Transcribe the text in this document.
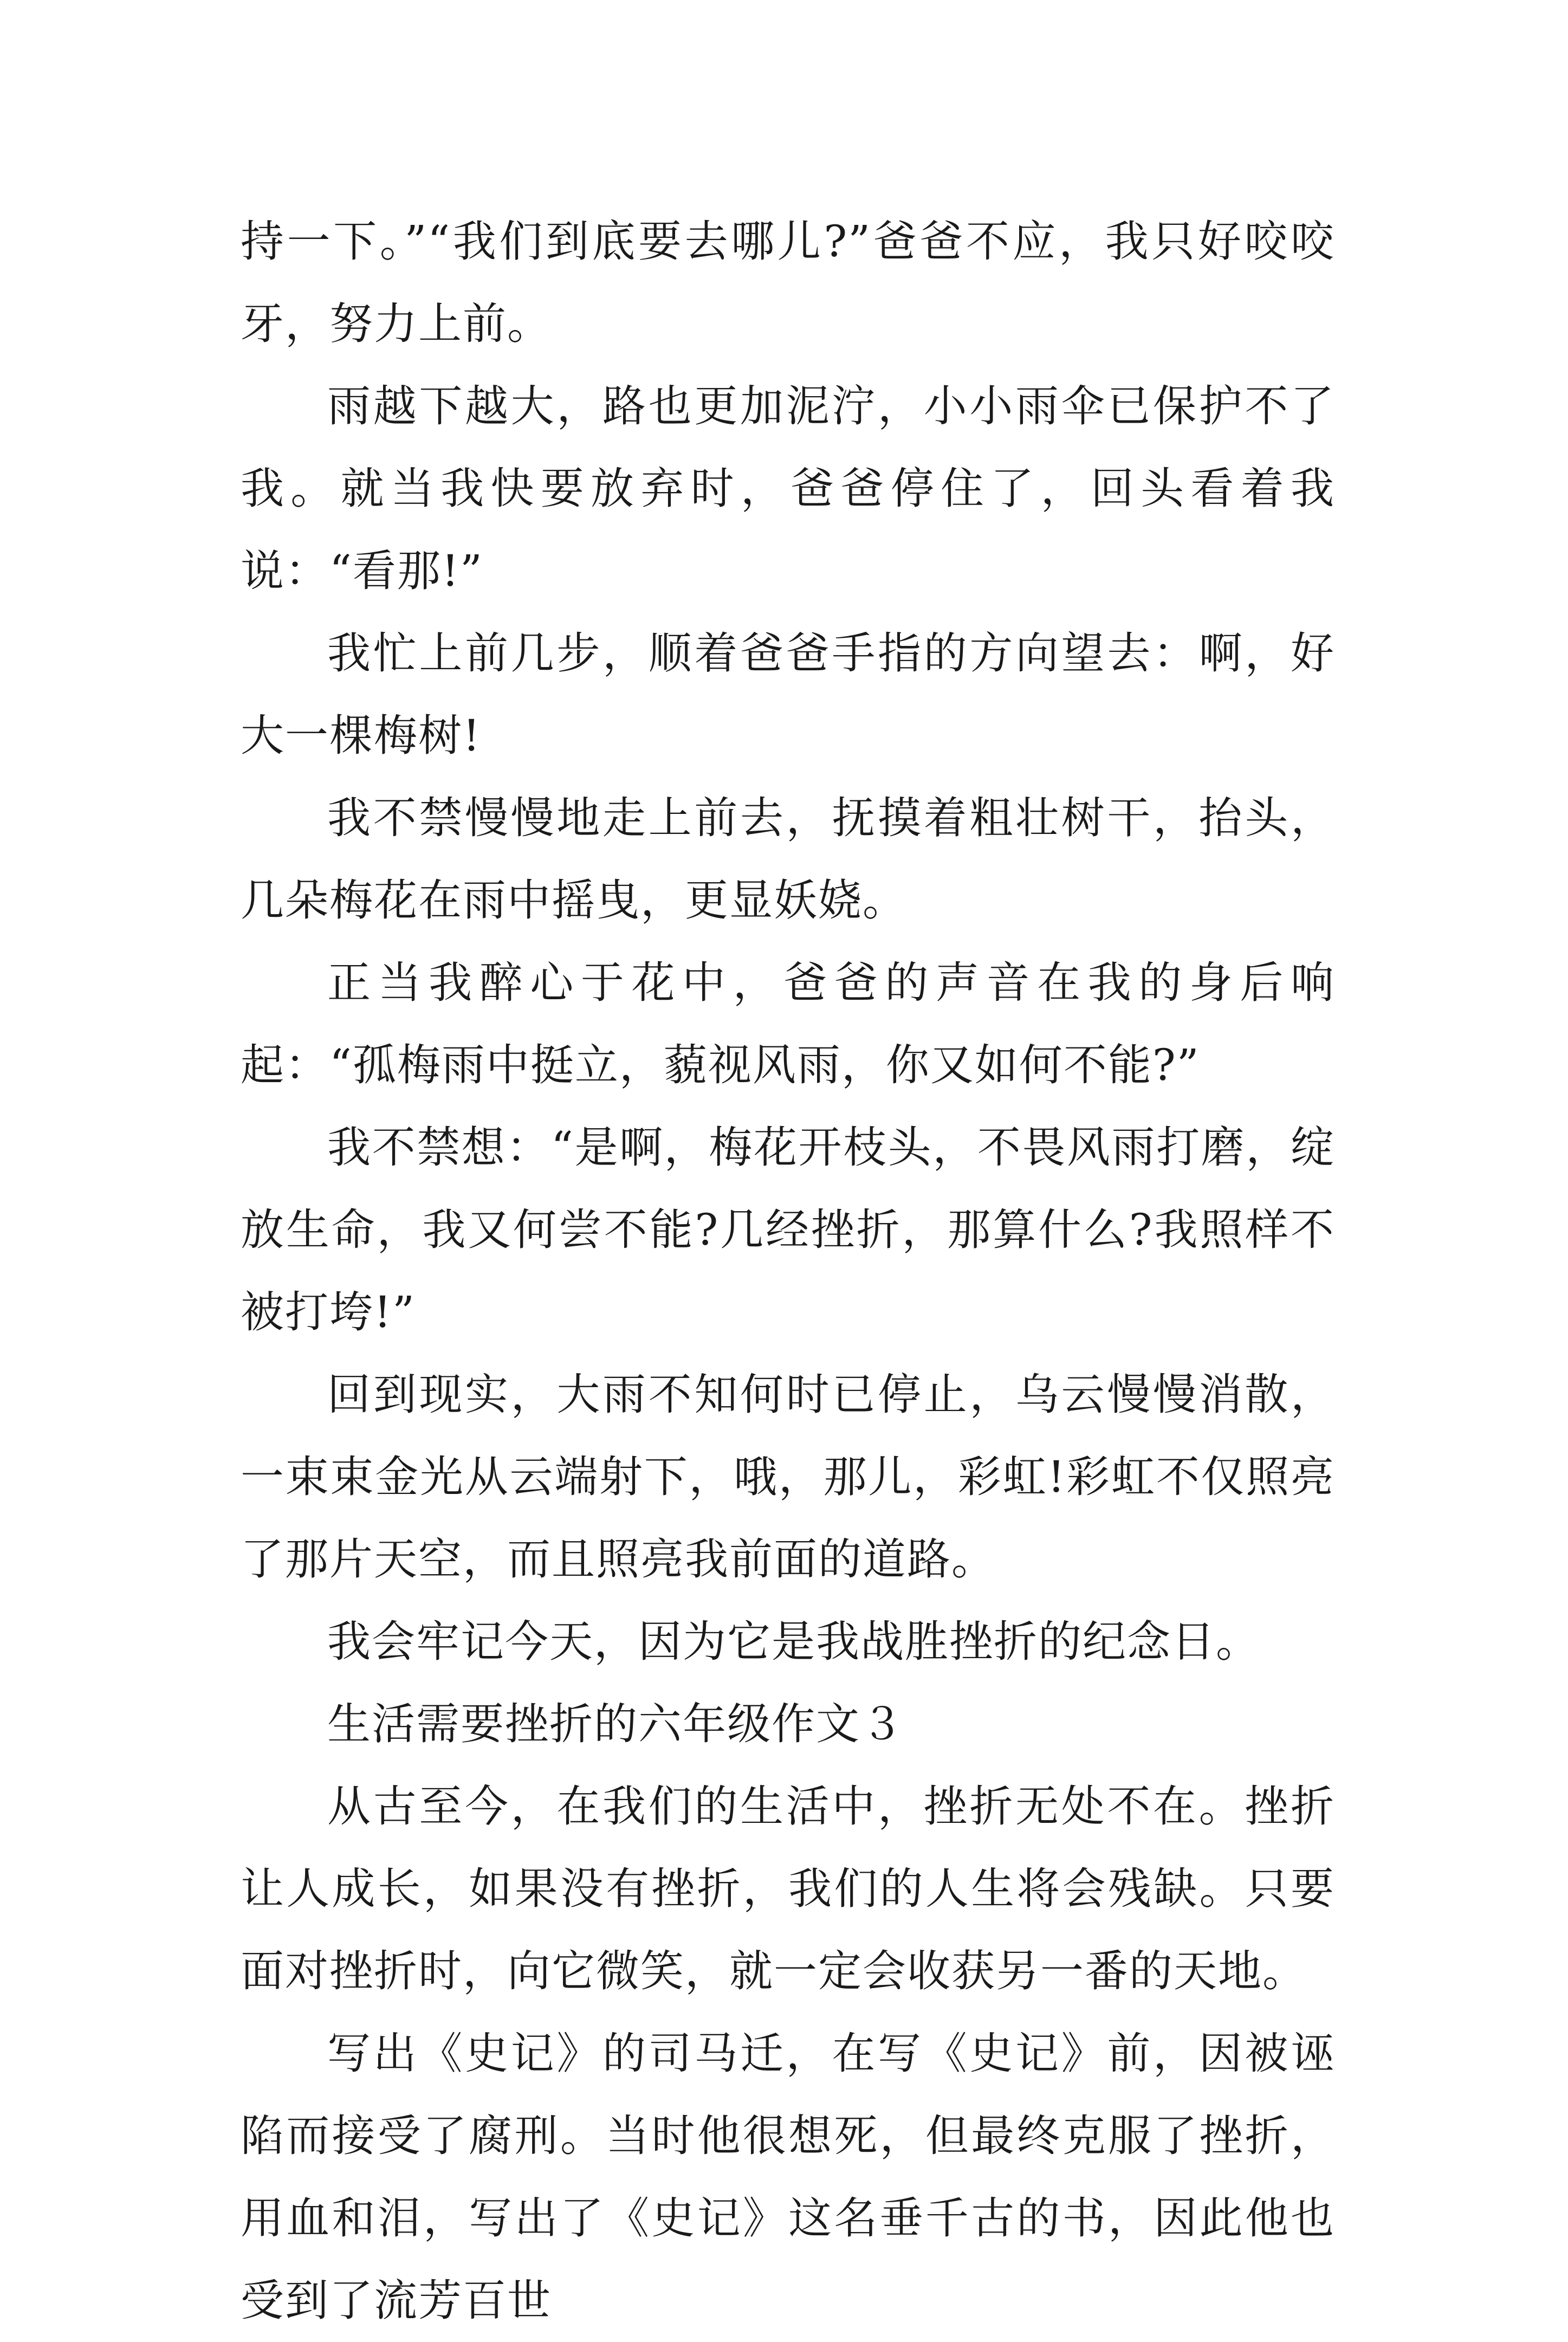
持一下。”“我们到底要去哪儿?”爸爸不应，我只好咬咬牙，努力上前。

雨越下越大，路也更加泥泞，小小雨伞已保护不了我。就当我快要放弃时，爸爸停住了，回头看着我说：“看那!”

我忙上前几步，顺着爸爸手指的方向望去：啊，好大一棵梅树!

我不禁慢慢地走上前去，抚摸着粗壮树干，抬头，几朵梅花在雨中摇曳，更显妖娆。

正当我醉心于花中，爸爸的声音在我的身后响起：“孤梅雨中挺立，藐视风雨，你又如何不能?”

我不禁想：“是啊，梅花开枝头，不畏风雨打磨，绽放生命，我又何尝不能?几经挫折，那算什么?我照样不被打垮!”

回到现实，大雨不知何时已停止，乌云慢慢消散，一束束金光从云端射下，哦，那儿，彩虹!彩虹不仅照亮了那片天空，而且照亮我前面的道路。

我会牢记今天，因为它是我战胜挫折的纪念日。

生活需要挫折的六年级作文３

从古至今，在我们的生活中，挫折无处不在。挫折让人成长，如果没有挫折，我们的人生将会残缺。只要面对挫折时，向它微笑，就一定会收获另一番的天地。

写出《史记》的司马迁，在写《史记》前，因被诬陷而接受了腐刑。当时他很想死，但最终克服了挫折，用血和泪，写出了《史记》这名垂千古的书，因此他也受到了流芳百世
